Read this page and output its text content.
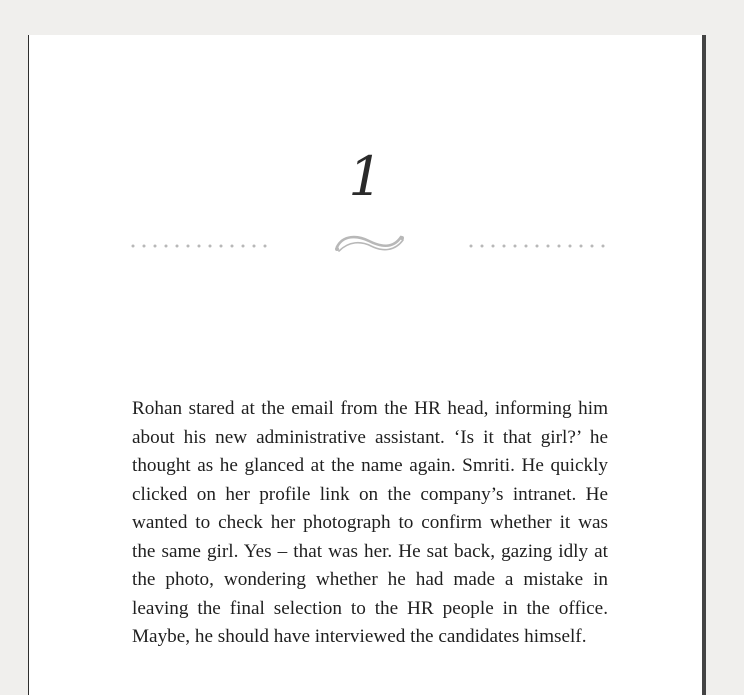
1

Rohan stared at the email from the HR head, informing him about his new administrative assistant. ‘Is it that girl?’ he thought as he glanced at the name again. Smriti. He quickly clicked on her profile link on the company’s intranet. He wanted to check her photograph to confirm whether it was the same girl. Yes – that was her. He sat back, gazing idly at the photo, wondering whether he had made a mistake in leaving the final selection to the HR people in the office. Maybe, he should have interviewed the candidates himself.
